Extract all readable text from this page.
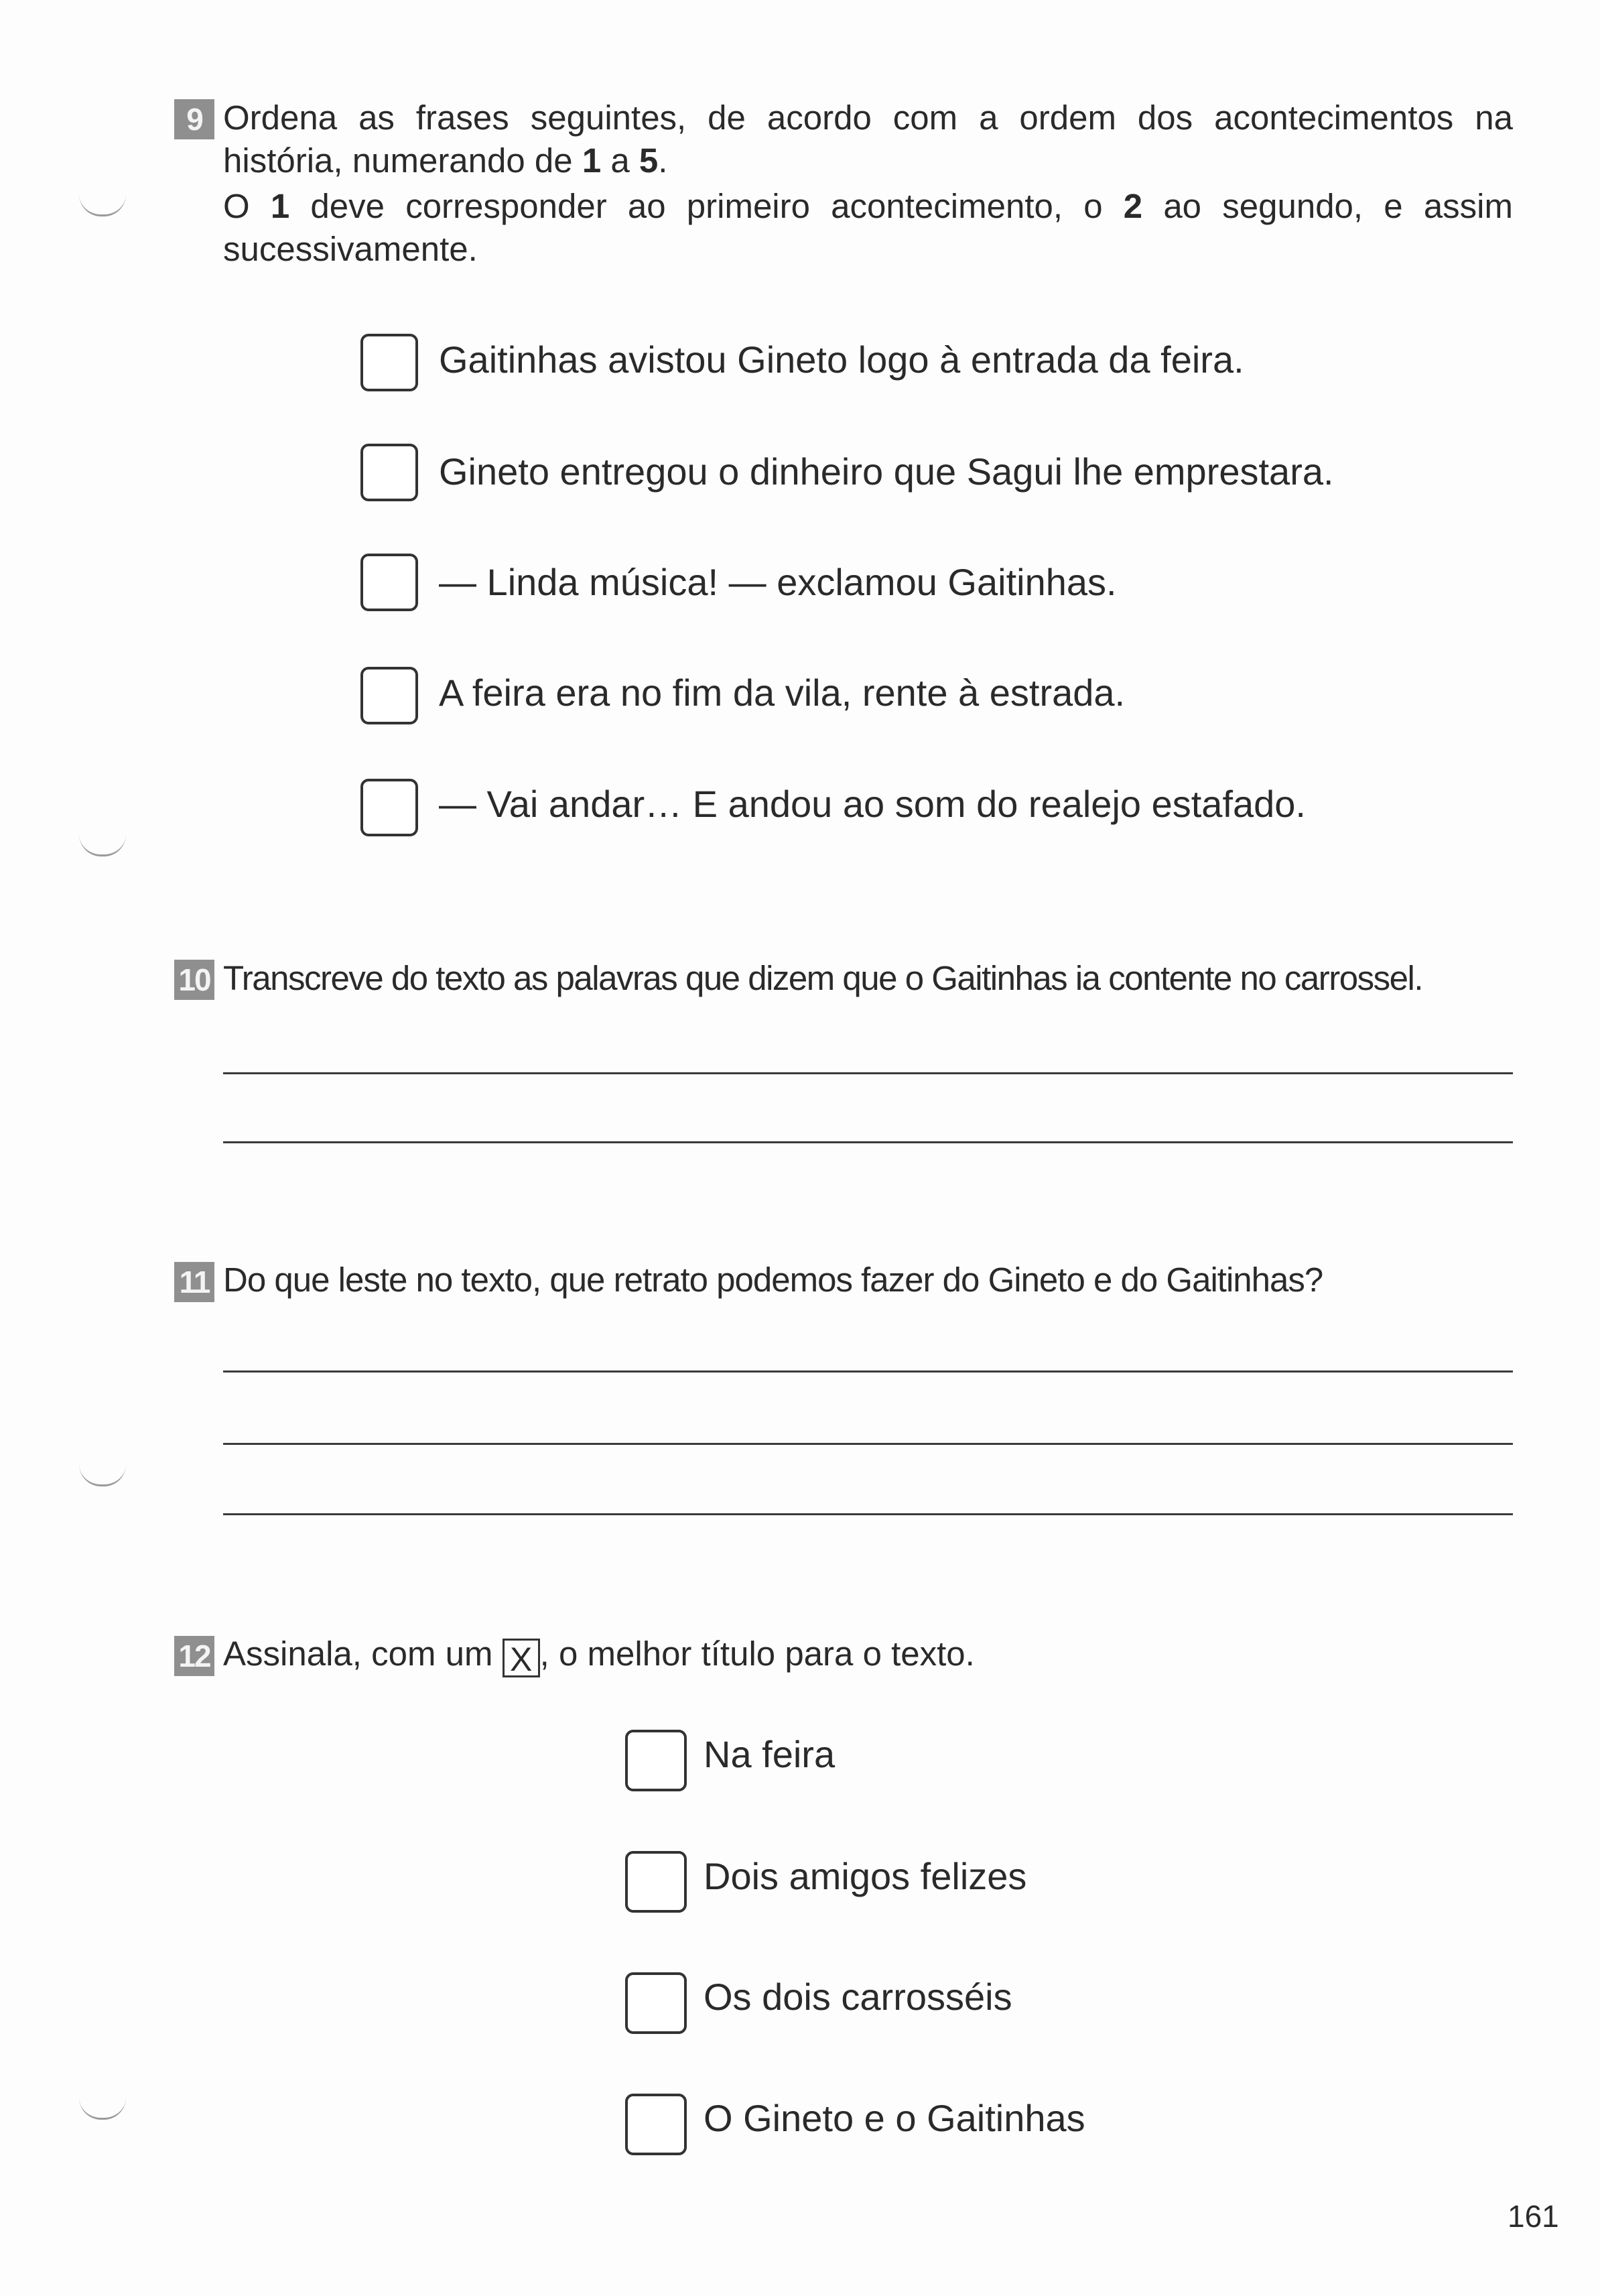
9 Ordena as frases seguintes, de acordo com a ordem dos acontecimentos na
história, numerando de 1 a 5.
O 1 deve corresponder ao primeiro acontecimento, o 2 ao segundo, e assim
sucessivamente.
Gaitinhas avistou Gineto logo à entrada da feira.
Gineto entregou o dinheiro que Sagui lhe emprestara.
— Linda música! — exclamou Gaitinhas.
A feira era no fim da vila, rente à estrada.
— Vai andar… E andou ao som do realejo estafado.
10 Transcreve do texto as palavras que dizem que o Gaitinhas ia contente no carrossel.
11 Do que leste no texto, que retrato podemos fazer do Gineto e do Gaitinhas?
12 Assinala, com um X , o melhor título para o texto.
Na feira
Dois amigos felizes
Os dois carrosséis
O Gineto e o Gaitinhas
161
